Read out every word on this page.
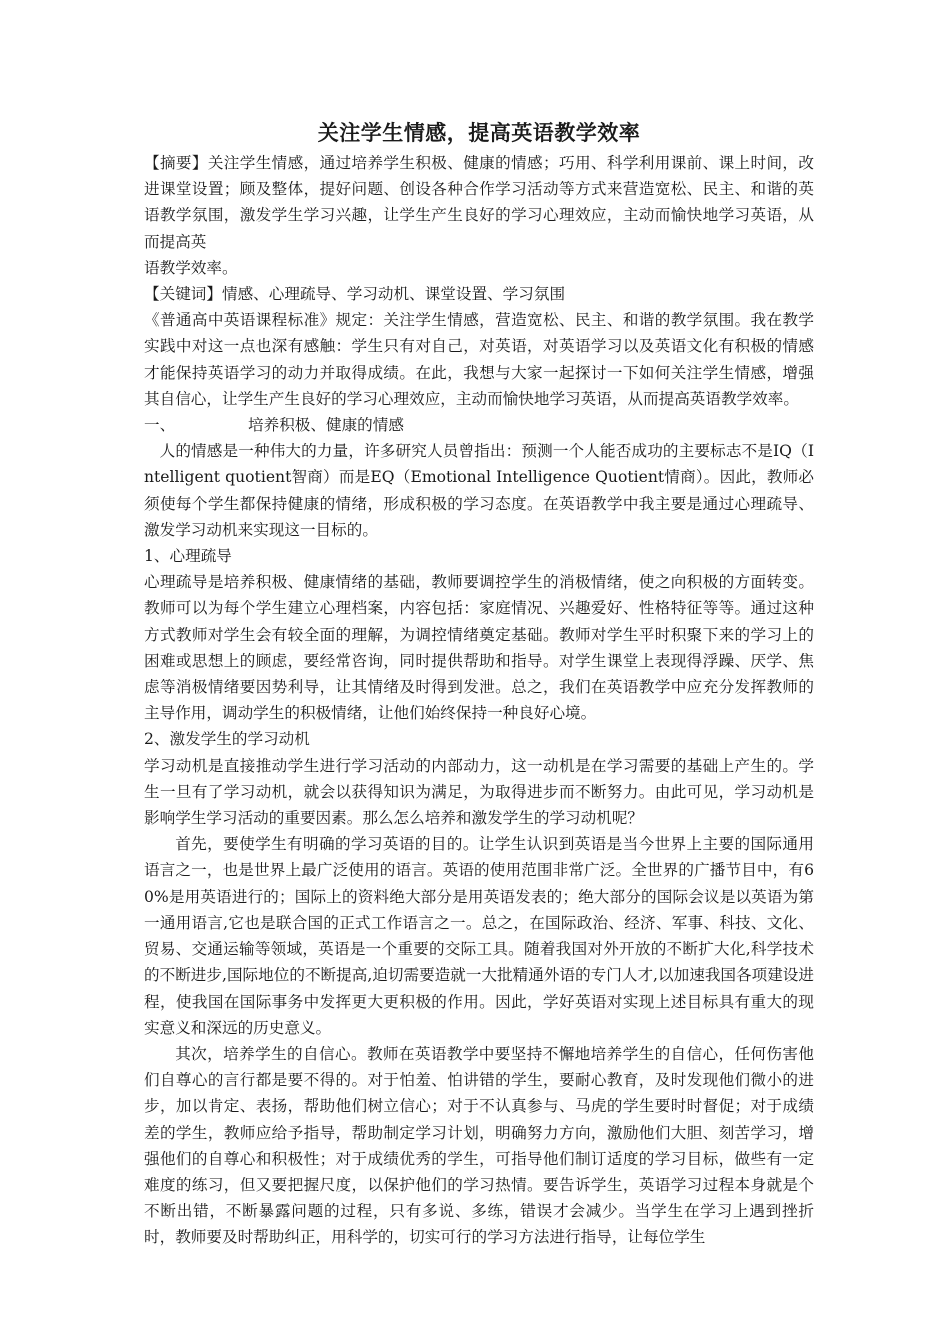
关注学生情感，提高英语教学效率

【摘要】关注学生情感，通过培养学生积极、健康的情感；巧用、科学利用课前、课上时间，改进课堂设置；顾及整体，提好问题、创设各种合作学习活动等方式来营造宽松、民主、和谐的英语教学氛围，激发学生学习兴趣，让学生产生良好的学习心理效应，主动而愉快地学习英语，从而提高英

语教学效率。

【关键词】情感、心理疏导、学习动机、课堂设置、学习氛围

《普通高中英语课程标准》规定：关注学生情感，营造宽松、民主、和谐的教学氛围。我在教学实践中对这一点也深有感触：学生只有对自己，对英语，对英语学习以及英语文化有积极的情感才能保持英语学习的动力并取得成绩。在此，我想与大家一起探讨一下如何关注学生情感，增强其自信心，让学生产生良好的学习心理效应，主动而愉快地学习英语，从而提高英语教学效率。

一、	培养积极、健康的情感

人的情感是一种伟大的力量，许多研究人员曾指出：预测一个人能否成功的主要标志不是IQ（Intelligent quotient智商）而是EQ（Emotional Intelligence Quotient情商）。因此，教师必须使每个学生都保持健康的情绪，形成积极的学习态度。在英语教学中我主要是通过心理疏导、激发学习动机来实现这一目标的。

1、心理疏导

心理疏导是培养积极、健康情绪的基础，教师要调控学生的消极情绪，使之向积极的方面转变。教师可以为每个学生建立心理档案，内容包括：家庭情况、兴趣爱好、性格特征等等。通过这种方式教师对学生会有较全面的理解，为调控情绪奠定基础。教师对学生平时积聚下来的学习上的困难或思想上的顾虑，要经常咨询，同时提供帮助和指导。对学生课堂上表现得浮躁、厌学、焦虑等消极情绪要因势利导，让其情绪及时得到发泄。总之，我们在英语教学中应充分发挥教师的主导作用，调动学生的积极情绪，让他们始终保持一种良好心境。

2、激发学生的学习动机

学习动机是直接推动学生进行学习活动的内部动力，这一动机是在学习需要的基础上产生的。学生一旦有了学习动机，就会以获得知识为满足，为取得进步而不断努力。由此可见，学习动机是影响学生学习活动的重要因素。那么怎么培养和激发学生的学习动机呢？

首先，要使学生有明确的学习英语的目的。让学生认识到英语是当今世界上主要的国际通用语言之一，也是世界上最广泛使用的语言。英语的使用范围非常广泛。全世界的广播节目中，有60%是用英语进行的；国际上的资料绝大部分是用英语发表的；绝大部分的国际会议是以英语为第一通用语言,它也是联合国的正式工作语言之一。总之，在国际政治、经济、军事、科技、文化、贸易、交通运输等领域，英语是一个重要的交际工具。随着我国对外开放的不断扩大化,科学技术的不断进步,国际地位的不断提高,迫切需要造就一大批精通外语的专门人才,以加速我国各项建设进程，使我国在国际事务中发挥更大更积极的作用。因此，学好英语对实现上述目标具有重大的现实意义和深远的历史意义。

其次，培养学生的自信心。教师在英语教学中要坚持不懈地培养学生的自信心，任何伤害他们自尊心的言行都是要不得的。对于怕羞、怕讲错的学生，要耐心教育，及时发现他们微小的进步，加以肯定、表扬，帮助他们树立信心；对于不认真参与、马虎的学生要时时督促；对于成绩差的学生，教师应给予指导，帮助制定学习计划，明确努力方向，激励他们大胆、刻苦学习，增强他们的自尊心和积极性；对于成绩优秀的学生，可指导他们制订适度的学习目标，做些有一定难度的练习，但又要把握尺度，以保护他们的学习热情。要告诉学生，英语学习过程本身就是个不断出错，不断暴露问题的过程，只有多说、多练，错误才会减少。当学生在学习上遇到挫折时，教师要及时帮助纠正，用科学的，切实可行的学习方法进行指导，让每位学生
